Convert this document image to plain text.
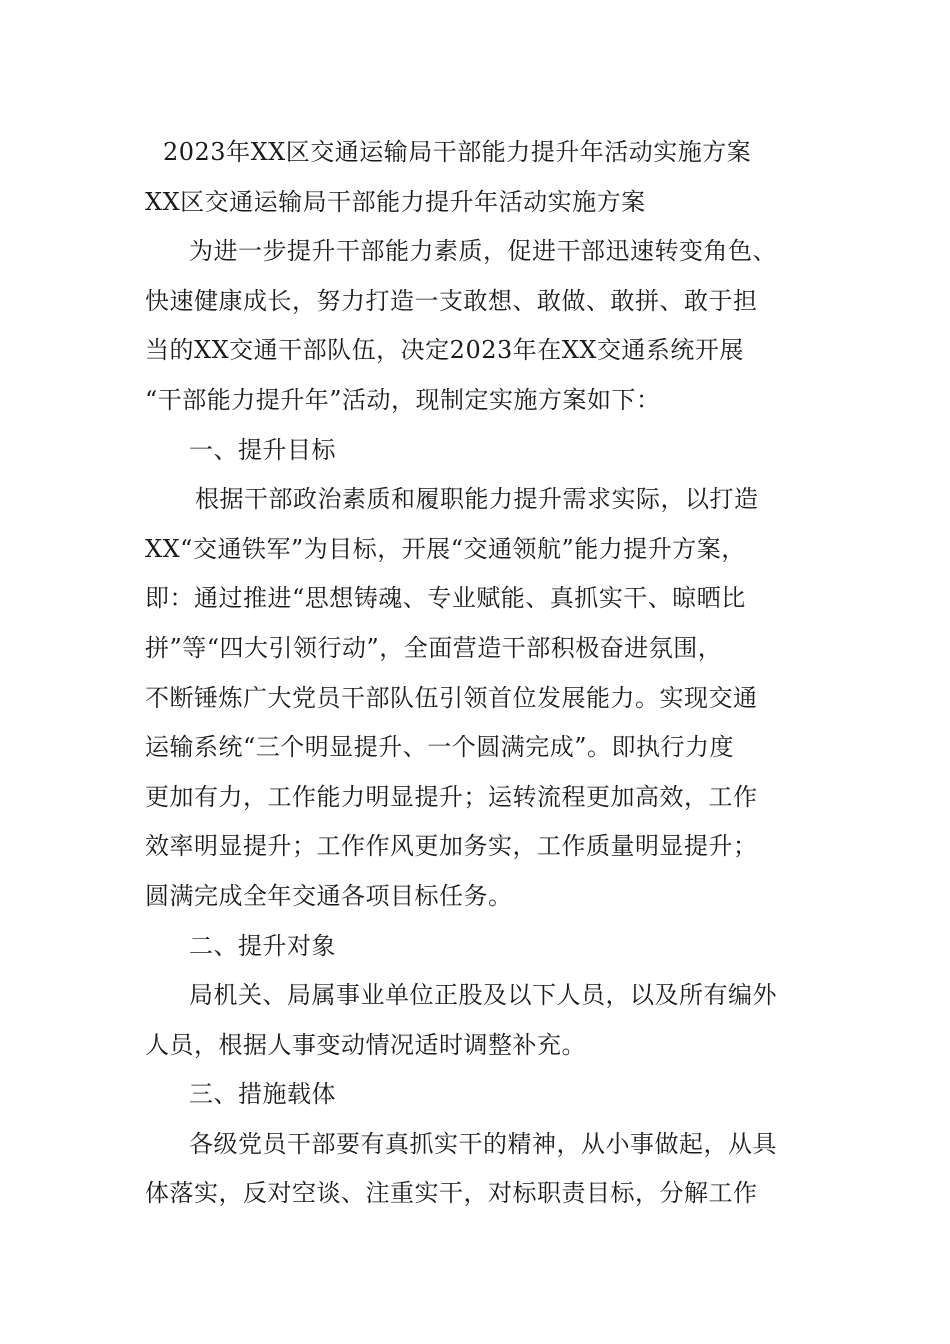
2023年XX区交通运输局干部能力提升年活动实施方案
XX区交通运输局干部能力提升年活动实施方案
为进一步提升干部能力素质，促进干部迅速转变角色、
快速健康成长，努力打造一支敢想、敢做、敢拼、敢于担
当的XX交通干部队伍，决定2023年在XX交通系统开展
“干部能力提升年”活动，现制定实施方案如下：
一、提升目标
根据干部政治素质和履职能力提升需求实际，以打造
XX“交通铁军”为目标，开展“交通领航”能力提升方案，
即：通过推进“思想铸魂、专业赋能、真抓实干、晾晒比
拼”等“四大引领行动”，全面营造干部积极奋进氛围，
不断锤炼广大党员干部队伍引领首位发展能力。实现交通
运输系统“三个明显提升、一个圆满完成”。即执行力度
更加有力，工作能力明显提升；运转流程更加高效，工作
效率明显提升；工作作风更加务实，工作质量明显提升；
圆满完成全年交通各项目标任务。
二、提升对象
局机关、局属事业单位正股及以下人员，以及所有编外
人员，根据人事变动情况适时调整补充。
三、措施载体
各级党员干部要有真抓实干的精神，从小事做起，从具
体落实，反对空谈、注重实干，对标职责目标，分解工作
